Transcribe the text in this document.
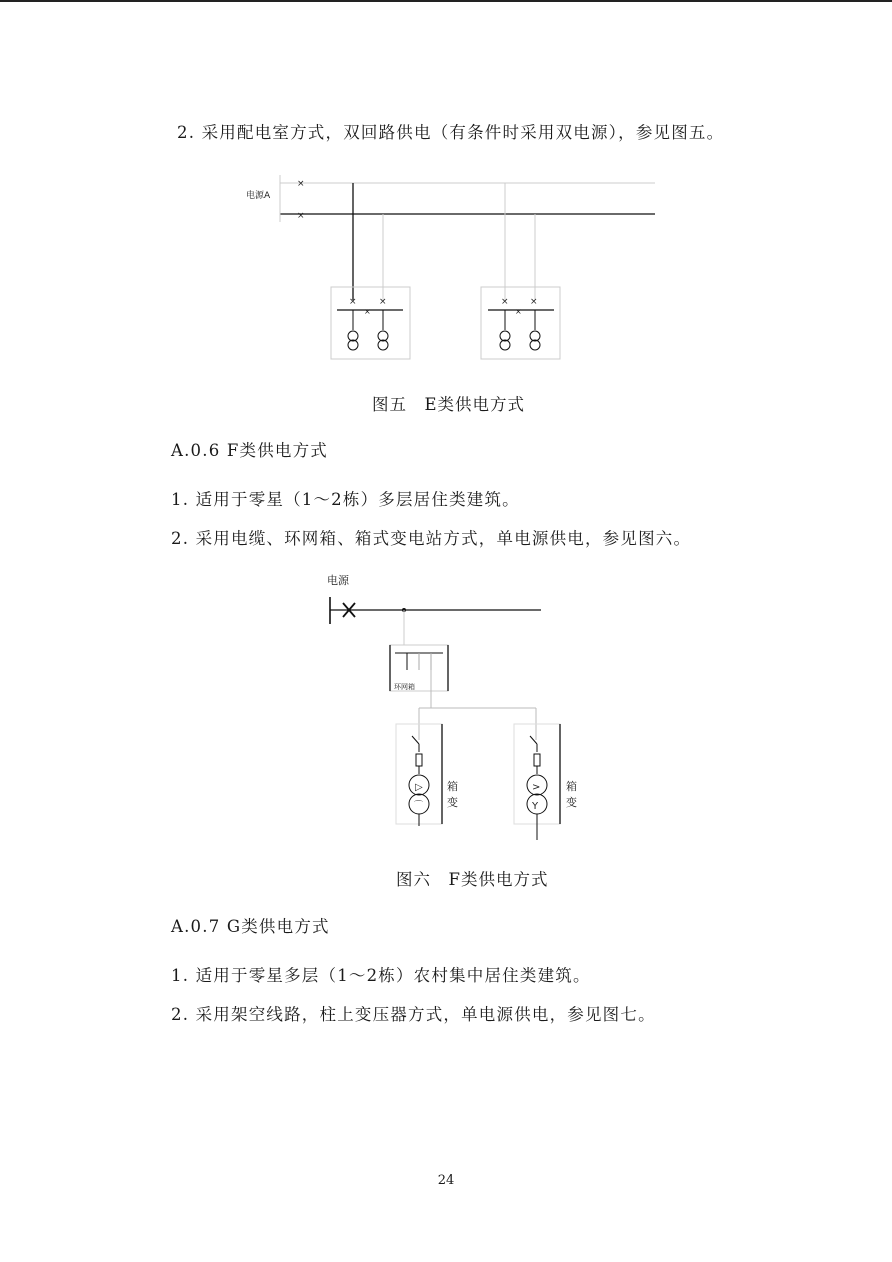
2. 采用配电室方式，双回路供电（有条件时采用双电源），参见图五。
电源A
×
×
× ×
×
× ×
×
图五　E类供电方式
A.0.6 F类供电方式
1. 适用于零星（1～2栋）多层居住类建筑。
2. 采用电缆、环网箱、箱式变电站方式，单电源供电，参见图六。
电源
环网箱
▷
⌒
箱
变
>
Y
箱
变
图六　F类供电方式
A.0.7 G类供电方式
1. 适用于零星多层（1～2栋）农村集中居住类建筑。
2. 采用架空线路，柱上变压器方式，单电源供电，参见图七。
24
